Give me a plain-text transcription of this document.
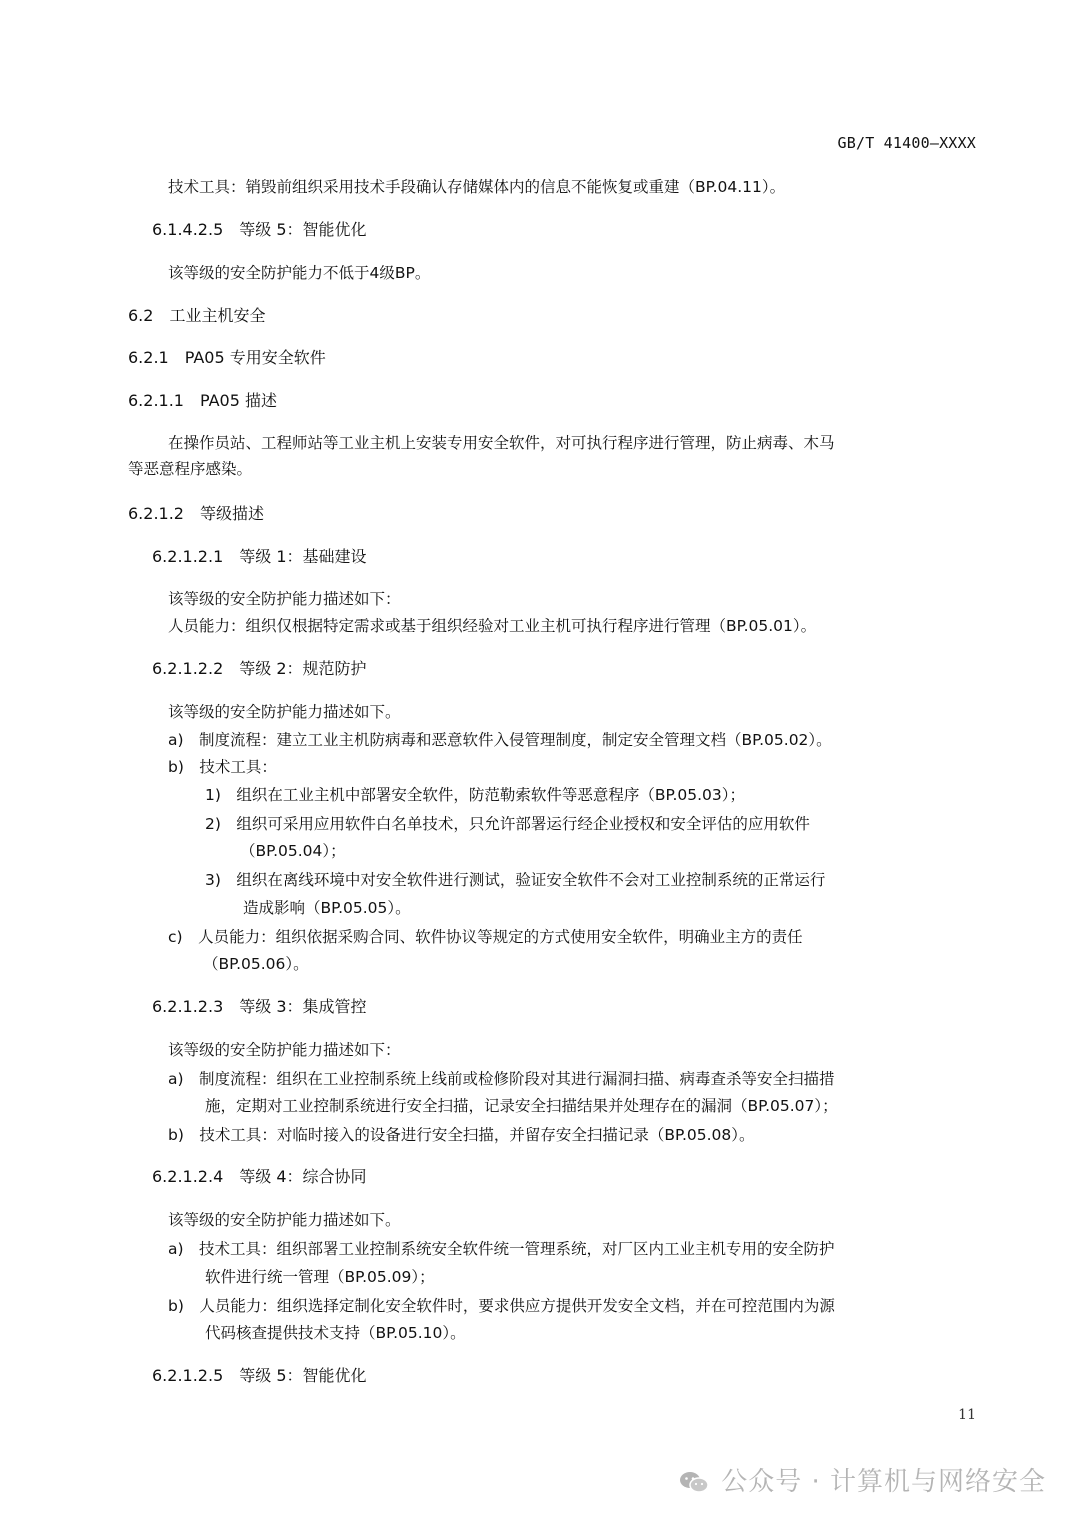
GB/T 41400—XXXX
技术工具：销毁前组织采用技术手段确认存储媒体内的信息不能恢复或重建（BP.04.11）。
6.1.4.2.5　等级 5：智能优化
该等级的安全防护能力不低于4级BP。
6.2　工业主机安全
6.2.1　PA05 专用安全软件
6.2.1.1　PA05 描述
在操作员站、工程师站等工业主机上安装专用安全软件，对可执行程序进行管理，防止病毒、木马
等恶意程序感染。
6.2.1.2　等级描述
6.2.1.2.1　等级 1：基础建设
该等级的安全防护能力描述如下：
人员能力：组织仅根据特定需求或基于组织经验对工业主机可执行程序进行管理（BP.05.01）。
6.2.1.2.2　等级 2：规范防护
该等级的安全防护能力描述如下。
a)　制度流程：建立工业主机防病毒和恶意软件入侵管理制度，制定安全管理文档（BP.05.02）。
b)　技术工具：
1)　组织在工业主机中部署安全软件，防范勒索软件等恶意程序（BP.05.03）；
2)　组织可采用应用软件白名单技术，只允许部署运行经企业授权和安全评估的应用软件
（BP.05.04）；
3)　组织在离线环境中对安全软件进行测试，验证安全软件不会对工业控制系统的正常运行
造成影响（BP.05.05）。
c)　人员能力：组织依据采购合同、软件协议等规定的方式使用安全软件，明确业主方的责任
（BP.05.06）。
6.2.1.2.3　等级 3：集成管控
该等级的安全防护能力描述如下：
a)　制度流程：组织在工业控制系统上线前或检修阶段对其进行漏洞扫描、病毒查杀等安全扫描措
施，定期对工业控制系统进行安全扫描，记录安全扫描结果并处理存在的漏洞（BP.05.07）；
b)　技术工具：对临时接入的设备进行安全扫描，并留存安全扫描记录（BP.05.08）。
6.2.1.2.4　等级 4：综合协同
该等级的安全防护能力描述如下。
a)　技术工具：组织部署工业控制系统安全软件统一管理系统，对厂区内工业主机专用的安全防护
软件进行统一管理（BP.05.09）；
b)　人员能力：组织选择定制化安全软件时，要求供应方提供开发安全文档，并在可控范围内为源
代码核查提供技术支持（BP.05.10）。
6.2.1.2.5　等级 5：智能优化
11
公众号 · 计算机与网络安全
